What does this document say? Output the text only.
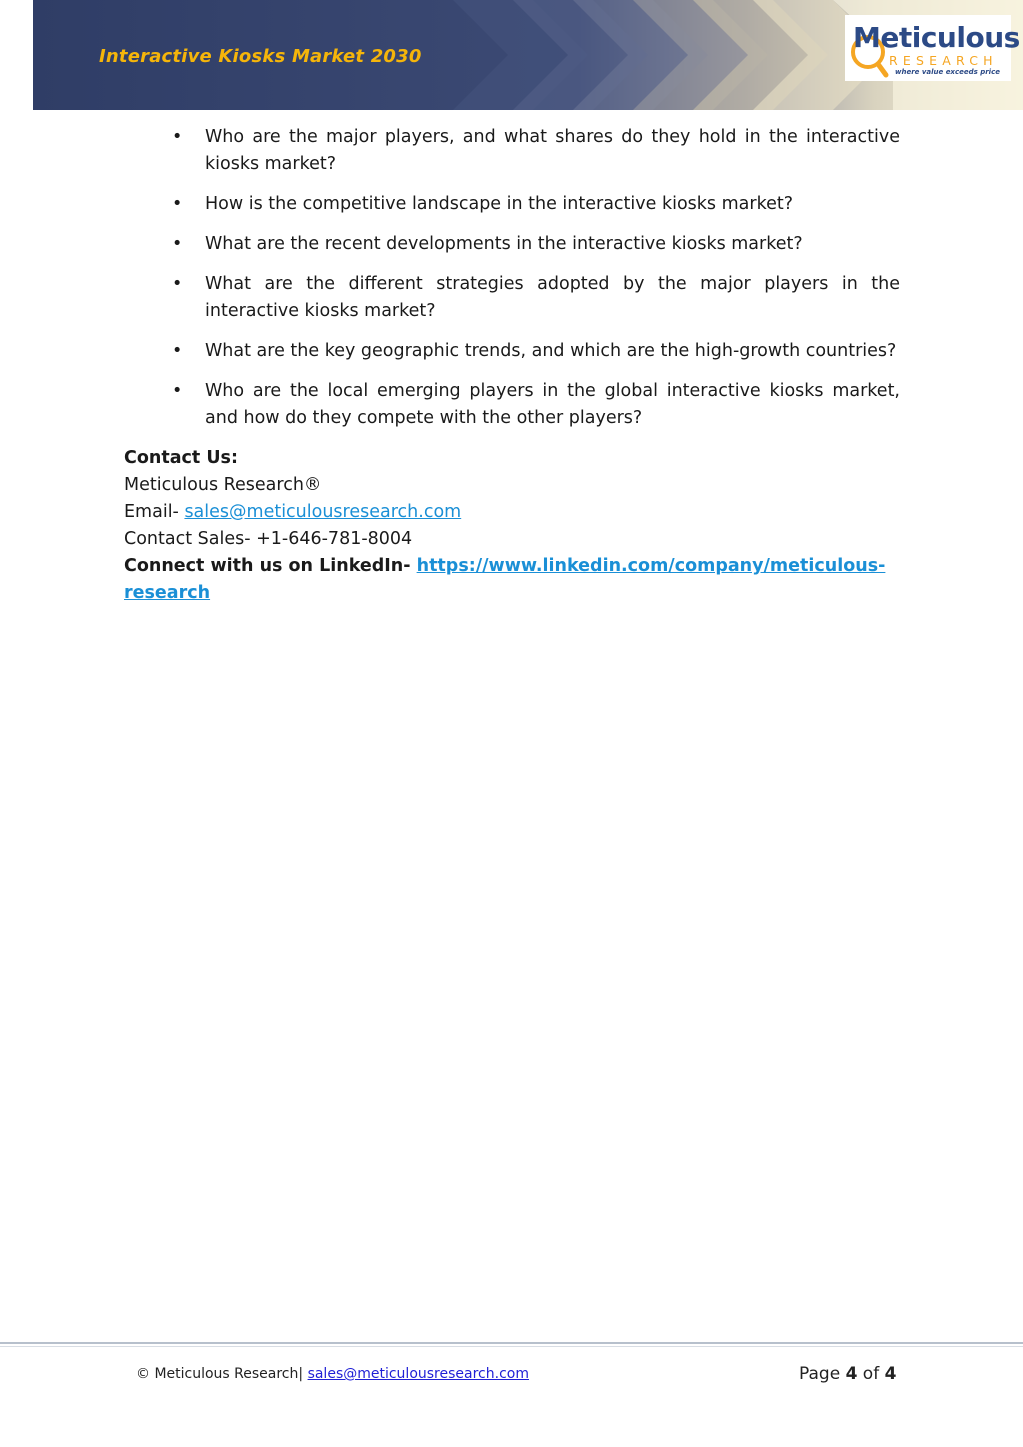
Interactive Kiosks Market 2030
Meticulous
RESEARCH
where value exceeds price
• Who are the major players, and what shares do they hold in the interactive kiosks market?
• How is the competitive landscape in the interactive kiosks market?
• What are the recent developments in the interactive kiosks market?
• What are the different strategies adopted by the major players in the interactive kiosks market?
• What are the key geographic trends, and which are the high-growth countries?
• Who are the local emerging players in the global interactive kiosks market, and how do they compete with the other players?
Contact Us:
Meticulous Research®
Email- sales@meticulousresearch.com
Contact Sales- +1-646-781-8004
Connect with us on LinkedIn- https://www.linkedin.com/company/meticulous-research
© Meticulous Research| sales@meticulousresearch.com	Page 4 of 4
